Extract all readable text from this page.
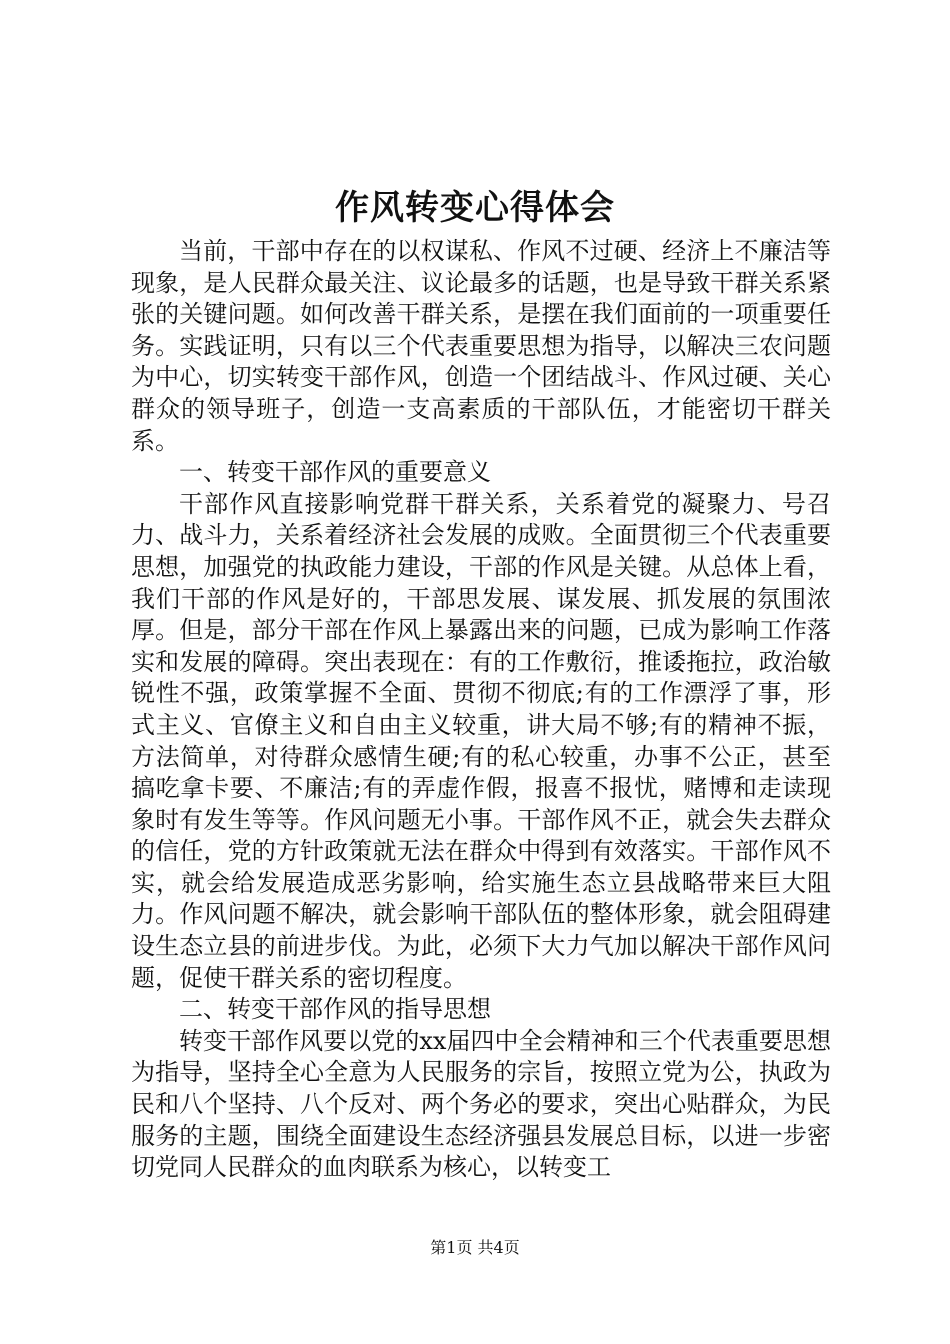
作风转变心得体会

当前，干部中存在的以权谋私、作风不过硬、经济上不廉洁等现象，是人民群众最关注、议论最多的话题，也是导致干群关系紧张的关键问题。如何改善干群关系，是摆在我们面前的一项重要任务。实践证明，只有以三个代表重要思想为指导，以解决三农问题为中心，切实转变干部作风，创造一个团结战斗、作风过硬、关心群众的领导班子，创造一支高素质的干部队伍，才能密切干群关系。

一、转变干部作风的重要意义

干部作风直接影响党群干群关系，关系着党的凝聚力、号召力、战斗力，关系着经济社会发展的成败。全面贯彻三个代表重要思想，加强党的执政能力建设，干部的作风是关键。从总体上看，我们干部的作风是好的，干部思发展、谋发展、抓发展的氛围浓厚。但是，部分干部在作风上暴露出来的问题，已成为影响工作落实和发展的障碍。突出表现在：有的工作敷衍，推诿拖拉，政治敏锐性不强，政策掌握不全面、贯彻不彻底;有的工作漂浮了事，形式主义、官僚主义和自由主义较重，讲大局不够;有的精神不振，方法简单，对待群众感情生硬;有的私心较重，办事不公正，甚至搞吃拿卡要、不廉洁;有的弄虚作假，报喜不报忧，赌博和走读现象时有发生等等。作风问题无小事。干部作风不正，就会失去群众的信任，党的方针政策就无法在群众中得到有效落实。干部作风不实，就会给发展造成恶劣影响，给实施生态立县战略带来巨大阻力。作风问题不解决，就会影响干部队伍的整体形象，就会阻碍建设生态立县的前进步伐。为此，必须下大力气加以解决干部作风问题，促使干群关系的密切程度。

二、转变干部作风的指导思想

转变干部作风要以党的xx届四中全会精神和三个代表重要思想为指导，坚持全心全意为人民服务的宗旨，按照立党为公，执政为民和八个坚持、八个反对、两个务必的要求，突出心贴群众，为民服务的主题，围绕全面建设生态经济强县发展总目标，以进一步密切党同人民群众的血肉联系为核心，以转变工

第1页 共4页
